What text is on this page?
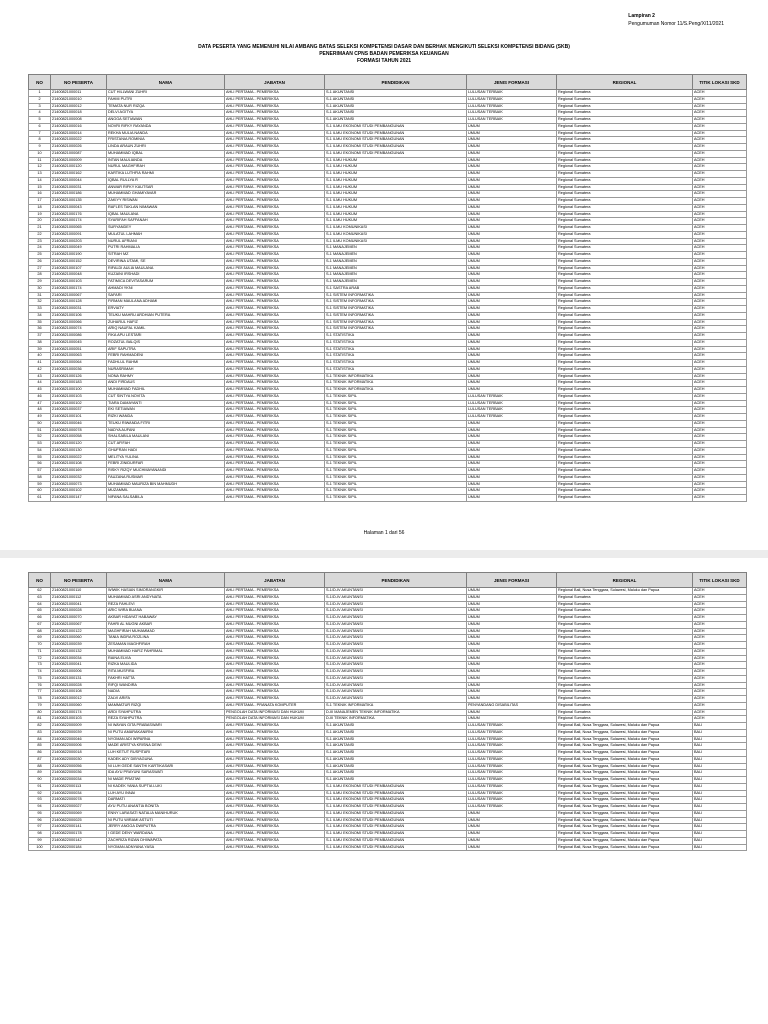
Lampiran 2
Pengumuman Nomor 11/S.Peng/X/11/2021
DATA PESERTA YANG MEMENUHI NILAI AMBANG BATAS SELEKSI KOMPETENSI DASAR DAN BERHAK MENGIKUTI SELEKSI KOMPETENSI BIDANG (SKB)
PENERIMAAN CPNS BADAN PEMERIKSA KEUANGAN
FORMASI TAHUN 2021
NO	NO PESERTA	NAMA	JABATAN	PENDIDIKAN	JENIS FORMASI	REGIONAL	TITIK LOKASI SKD
1	21400821000011	CUT HILLWANI ZUHRI	AHLI PERTAMA - PEMERIKSA	S-1 AKUNTANSI	LULUSAN TERBAIK	Regional Sumatera	ACEH
2	21400821000010	FAHMI PUTRI	AHLI PERTAMA - PEMERIKSA	S-1 AKUNTANSI	LULUSAN TERBAIK	Regional Sumatera	ACEH
3	21400821000012	TEMATA NUR RIZQA	AHLI PERTAMA - PEMERIKSA	S-1 AKUNTANSI	LULUSAN TERBAIK	Regional Sumatera	ACEH
4	21400821000018	DELVI AGITYA	AHLI PERTAMA - PEMERIKSA	S-1 AKUNTANSI	LULUSAN TERBAIK	Regional Sumatera	ACEH
5	21400821000008	ANGGA SETIAWAN	AHLI PERTAMA - PEMERIKSA	S-1 AKUNTANSI	LULUSAN TERBAIK	Regional Sumatera	ACEH
6	21400821000016	NOVRI RIFKY RAYANDA	AHLI PERTAMA - PEMERIKSA	S-1 ILMU EKONOMI STUDI PEMBANGUNAN	UMUM	Regional Sumatera	ACEH
7	21400821000014	REKHA MULIA NANDA	AHLI PERTAMA - PEMERIKSA	S-1 ILMU EKONOMI STUDI PEMBANGUNAN	UMUM	Regional Sumatera	ACEH
8	21400821000022	FRISTANIA ROMINIA	AHLI PERTAMA - PEMERIKSA	S-1 ILMU EKONOMI STUDI PEMBANGUNAN	UMUM	Regional Sumatera	ACEH
9	21400821000026	LINDA ARAUN ZUHRI	AHLI PERTAMA - PEMERIKSA	S-1 ILMU EKONOMI STUDI PEMBANGUNAN	UMUM	Regional Sumatera	ACEH
10	21400821000087	MUHAMMAD IQBAL	AHLI PERTAMA - PEMERIKSA	S-1 ILMU EKONOMI STUDI PEMBANGUNAN	UMUM	Regional Sumatera	ACEH
11	21400821000009	INTAN MAULIANDA	AHLI PERTAMA - PEMERIKSA	S-1 ILMU HUKUM	UMUM	Regional Sumatera	ACEH
12	21400821000120	NURUL MAGHFIRAH	AHLI PERTAMA - PEMERIKSA	S-1 ILMU HUKUM	UMUM	Regional Sumatera	ACEH
13	21400821000162	KARTIKA LUTHFIA RAHMI	AHLI PERTAMA - PEMERIKSA	S-1 ILMU HUKUM	UMUM	Regional Sumatera	ACEH
14	21400821000044	IQBAL RULLYA R	AHLI PERTAMA - PEMERIKSA	S-1 ILMU HUKUM	UMUM	Regional Sumatera	ACEH
15	21400821000031	ANWAR RIFKY KAUTSAR	AHLI PERTAMA - PEMERIKSA	S-1 ILMU HUKUM	UMUM	Regional Sumatera	ACEH
16	21400821000186	MUHAMMAD GHAMIYAVAR	AHLI PERTAMA - PEMERIKSA	S-1 ILMU HUKUM	UMUM	Regional Sumatera	ACEH
17	21400821000135	ZAKIYY RISWAN	AHLI PERTAMA - PEMERIKSA	S-1 ILMU HUKUM	UMUM	Regional Sumatera	ACEH
18	21400821000043	RAFLES TAKLAN NIMAWAN	AHLI PERTAMA - PEMERIKSA	S-1 ILMU HUKUM	UMUM	Regional Sumatera	ACEH
19	21400821000176	IQBAL MAULANA	AHLI PERTAMA - PEMERIKSA	S-1 ILMU HUKUM	UMUM	Regional Sumatera	ACEH
20	21400821000174	SYARIFAH SAFFANAH	AHLI PERTAMA - PEMERIKSA	S-1 ILMU HUKUM	UMUM	Regional Sumatera	ACEH
21	21400821000065	SURYANDEY	AHLI PERTAMA - PEMERIKSA	S-1 ILMU KOMUNIKASI	UMUM	Regional Sumatera	ACEH
22	21400821000091	MULATUL LAHMAH	AHLI PERTAMA - PEMERIKSA	S-1 ILMU KOMUNIKASI	UMUM	Regional Sumatera	ACEH
23	21400821000203	NURUL AFRIANI	AHLI PERTAMA - PEMERIKSA	S-1 ILMU KOMUNIKASI	UMUM	Regional Sumatera	ACEH
24	21400821000049	PUTRI RAHMALIA	AHLI PERTAMA - PEMERIKSA	S-1 MANAJEMEN	UMUM	Regional Sumatera	ACEH
25	21400821000190	SITRAH MZ	AHLI PERTAMA - PEMERIKSA	S-1 MANAJEMEN	UMUM	Regional Sumatera	ACEH
26	21400821000152	DEVIRINA UTAMI, SE	AHLI PERTAMA - PEMERIKSA	S-1 MANAJEMEN	UMUM	Regional Sumatera	ACEH
27	21400821000107	RIFALDI AULIA MAULANA	AHLI PERTAMA - PEMERIKSA	S-1 MANAJEMEN	UMUM	Regional Sumatera	ACEH
28	21400821000048	KUZAINI IRSHADI	AHLI PERTAMA - PEMERIKSA	S-1 MANAJEMEN	UMUM	Regional Sumatera	ACEH
29	21400821000103	FATIMICA DEVITASARUM	AHLI PERTAMA - PEMERIKSA	S-1 MANAJEMEN	UMUM	Regional Sumatera	ACEH
30	21400821000174	AHMADI YKNI	AHLI PERTAMA - PEMERIKSA	S-1 SASTRA ARAB	UMUM	Regional Sumatera	ACEH
31	21400821000067	SAFARI	AHLI PERTAMA - PEMERIKSA	S-1 SISTEM INFORMATIKA	UMUM	Regional Sumatera	ACEH
32	21400821000128	FIRMAN MAULANA ADHAMI	AHLI PERTAMA - PEMERIKSA	S-1 SISTEM INFORMATIKA	UMUM	Regional Sumatera	ACEH
33	21400821000031	ERVIATY	AHLI PERTAMA - PEMERIKSA	S-1 SISTEM INFORMATIKA	UMUM	Regional Sumatera	ACEH
34	21400821000106	TEUKU MAHRU ARDHIAN PUTERA	AHLI PERTAMA - PEMERIKSA	S-1 SISTEM INFORMATIKA	UMUM	Regional Sumatera	ACEH
35	21400821000066	ZUHARUL HAFIZ	AHLI PERTAMA - PEMERIKSA	S-1 SISTEM INFORMATIKA	UMUM	Regional Sumatera	ACEH
36	21400821000074	ARIQ NAUFAL KAMIL	AHLI PERTAMA - PEMERIKSA	S-1 SISTEM INFORMATIKA	UMUM	Regional Sumatera	ACEH
37	21400821000086	FIKA APU LESTARI	AHLI PERTAMA - PEMERIKSA	S-1 STATISTIKA	UMUM	Regional Sumatera	ACEH
38	21400821000045	ROZATUL BALQIS	AHLI PERTAMA - PEMERIKSA	S-1 STATISTIKA	UMUM	Regional Sumatera	ACEH
39	21400821000051	ARIF SAPUTRA	AHLI PERTAMA - PEMERIKSA	S-1 STATISTIKA	UMUM	Regional Sumatera	ACEH
40	21400821000063	FEBRI RAHMADENI	AHLI PERTAMA - PEMERIKSA	S-1 STATISTIKA	UMUM	Regional Sumatera	ACEH
41	21400821000064	FADHLUL RAHMI	AHLI PERTAMA - PEMERIKSA	S-1 STATISTIKA	UMUM	Regional Sumatera	ACEH
42	21400821000036	NURASRIMAH	AHLI PERTAMA - PEMERIKSA	S-1 STATISTIKA	UMUM	Regional Sumatera	ACEH
43	21400821000126	NONA RAHMY	AHLI PERTAMA - PEMERIKSA	S-1 TEKNIK INFORMATIKA	UMUM	Regional Sumatera	ACEH
44	21400821000183	ANDI FIRDAUS	AHLI PERTAMA - PEMERIKSA	S-1 TEKNIK INFORMATIKA	UMUM	Regional Sumatera	ACEH
45	21400821000100	MUHAMMAD FADHIL	AHLI PERTAMA - PEMERIKSA	S-1 TEKNIK INFORMATIKA	UMUM	Regional Sumatera	ACEH
46	21400821000103	CUT SINTYA NOVITA	AHLI PERTAMA - PEMERIKSA	S-1 TEKNIK SIPIL	LULUSAN TERBAIK	Regional Sumatera	ACEH
47	21400821000102	TIARA DAMAYANTI	AHLI PERTAMA - PEMERIKSA	S-1 TEKNIK SIPIL	LULUSAN TERBAIK	Regional Sumatera	ACEH
48	21400821000037	EKI SETIAWAN	AHLI PERTAMA - PEMERIKSA	S-1 TEKNIK SIPIL	LULUSAN TERBAIK	Regional Sumatera	ACEH
49	21400821000101	RIZKI WANDA	AHLI PERTAMA - PEMERIKSA	S-1 TEKNIK SIPIL	LULUSAN TERBAIK	Regional Sumatera	ACEH
50	21400821000046	TEUKU RIWANDA FITRI	AHLI PERTAMA - PEMERIKSA	S-1 TEKNIK SIPIL	UMUM	Regional Sumatera	ACEH
51	21400821000078	NADYA AUFANI	AHLI PERTAMA - PEMERIKSA	S-1 TEKNIK SIPIL	UMUM	Regional Sumatera	ACEH
52	21400821000058	SHALSABILA MAULANI	AHLI PERTAMA - PEMERIKSA	S-1 TEKNIK SIPIL	UMUM	Regional Sumatera	ACEH
53	21400821000120	CUT AFIFAH	AHLI PERTAMA - PEMERIKSA	S-1 TEKNIK SIPIL	UMUM	Regional Sumatera	ACEH
54	21400821000130	GHUFRAN HADI	AHLI PERTAMA - PEMERIKSA	S-1 TEKNIK SIPIL	UMUM	Regional Sumatera	ACEH
55	21400821000022	MELITYA YULINA	AHLI PERTAMA - PEMERIKSA	S-1 TEKNIK SIPIL	UMUM	Regional Sumatera	ACEH
56	21400821000108	FEBRI ZINIDURFAR	AHLI PERTAMA - PEMERIKSA	S-1 TEKNIK SIPIL	UMUM	Regional Sumatera	ACEH
57	21400821000169	RISKY RIZQY MUCHMAYANANDI	AHLI PERTAMA - PEMERIKSA	S-1 TEKNIK SIPIL	UMUM	Regional Sumatera	ACEH
58	21400821000032	FAUZANA RUSMAR	AHLI PERTAMA - PEMERIKSA	S-1 TEKNIK SIPIL	UMUM	Regional Sumatera	ACEH
59	21400821000073	MUHAMMAD MAURIZA BIN MAHMUDH	AHLI PERTAMA - PEMERIKSA	S-1 TEKNIK SIPIL	UMUM	Regional Sumatera	ACEH
60	21400821000102	MUZAMMIL	AHLI PERTAMA - PEMERIKSA	S-1 TEKNIK SIPIL	UMUM	Regional Sumatera	ACEH
61	21400821000147	NIFANA SALSABILA	AHLI PERTAMA - PEMERIKSA	S-1 TEKNIK SIPIL	UMUM	Regional Sumatera	ACEH
Halaman 1 dari 56
NO	NO PESERTA	NAMA	JABATAN	PENDIDIKAN	JENIS FORMASI	REGIONAL	TITIK LOKASI SKD
62	21400821000110	WIWIK HASIAN SIMORANGKIR	AHLI PERTAMA - PEMERIKSA	S-1/D-IV AKUNTANSI	UMUM	Regional Bali, Nusa Tenggara, Sulawesi, Maluku dan Papua	ACEH
63	21400821000112	MUHAMMAD ASRI ANDYNATA	AHLI PERTAMA - PEMERIKSA	S-1/D-IV AKUNTANSI	UMUM	Regional Sumatera	ACEH
64	21400821000041	REZA FAHLEVI	AHLI PERTAMA - PEMERIKSA	S-1/D-IV AKUNTANSI	UMUM	Regional Sumatera	ACEH
65	21400821000028	ARIC WIRA BUANA	AHLI PERTAMA - PEMERIKSA	S-1/D-IV AKUNTANSI	UMUM	Regional Sumatera	ACEH
66	21400821000070	AKBAR HIDAYAT HABAWAY	AHLI PERTAMA - PEMERIKSA	S-1/D-IV AKUNTANSI	UMUM	Regional Sumatera	ACEH
67	21400821000067	FAHRI AL MUGNI AKBAR	AHLI PERTAMA - PEMERIKSA	S-1/D-IV AKUNTANSI	UMUM	Regional Sumatera	ACEH
68	21400821000122	MAGHFIRAH MUHAMMAD	AHLI PERTAMA - PEMERIKSA	S-1/D-IV AKUNTANSI	UMUM	Regional Sumatera	ACEH
69	21400821000060	TANIA INDRA ROZLINA	AHLI PERTAMA - PEMERIKSA	S-1/D-IV AKUNTANSI	UMUM	Regional Sumatera	ACEH
70	21400821000039	ZESAMAN MAGHFIRAH	AHLI PERTAMA - PEMERIKSA	S-1/D-IV AKUNTANSI	UMUM	Regional Sumatera	ACEH
71	21400821000132	MUHAMMAD HAFIZ FAHRIMAL	AHLI PERTAMA - PEMERIKSA	S-1/D-IV AKUNTANSI	UMUM	Regional Sumatera	ACEH
72	21400821000034	RAINA ELVIA	AHLI PERTAMA - PEMERIKSA	S-1/D-IV AKUNTANSI	UMUM	Regional Sumatera	ACEH
73	21400821000041	RIZKA MAULIDA	AHLI PERTAMA - PEMERIKSA	S-1/D-IV AKUNTANSI	UMUM	Regional Sumatera	ACEH
74	21400821000006	RITA MUSFIRA	AHLI PERTAMA - PEMERIKSA	S-1/D-IV AKUNTANSI	UMUM	Regional Sumatera	ACEH
75	21400821000131	FAKHRI HATTA	AHLI PERTAMA - PEMERIKSA	S-1/D-IV AKUNTANSI	UMUM	Regional Sumatera	ACEH
76	21400821000028	RIFQI WANDIRA	AHLI PERTAMA - PEMERIKSA	S-1/D-IV AKUNTANSI	UMUM	Regional Sumatera	ACEH
77	21400821000108	NADIA	AHLI PERTAMA - PEMERIKSA	S-1/D-IV AKUNTANSI	UMUM	Regional Sumatera	ACEH
78	21400821000012	ZALVI ARIFA	AHLI PERTAMA - PEMERIKSA	S-1/D-IV AKUNTANSI	UMUM	Regional Sumatera	ACEH
79	21400821000060	MAMMATUR RIZQI	AHLI PERTAMA - PRANATA KOMPUTER	S-1 TEKNIK INFORMATIKA	PENYANDANG DISABILITAS	Regional Sumatera	ACEH
80	21400821000174	ARDI SYAHPUTRA	PENGOLAH DATA INFORMASI DAN HUKUM	D-III MANAJEMEN TEKNIK INFORMATIKA	UMUM	Regional Sumatera	ACEH
81	21400821000103	REZA SYAHPUTRA	PENGOLAH DATA INFORMASI DAN HUKUM	D-III TEKNIK INFORMATIKA	UMUM	Regional Sumatera	ACEH
82	21400822000009	NI WAYAN GITA PRABASWARI	AHLI PERTAMA - PEMERIKSA	S-1 AKUNTANSI	LULUSAN TERBAIK	Regional Bali, Nusa Tenggara, Sulawesi, Maluku dan Papua	BALI
83	21400822000039	NI PUTU AMARAKANIRNI	AHLI PERTAMA - PEMERIKSA	S-1 AKUNTANSI	LULUSAN TERBAIK	Regional Bali, Nusa Tenggara, Sulawesi, Maluku dan Papua	BALI
84	21400822000046	NYOMAN ADI WIPARNA	AHLI PERTAMA - PEMERIKSA	S-1 AKUNTANSI	LULUSAN TERBAIK	Regional Bali, Nusa Tenggara, Sulawesi, Maluku dan Papua	BALI
85	21400822000006	MADE ARISTYA KRISNA DEWI	AHLI PERTAMA - PEMERIKSA	S-1 AKUNTANSI	LULUSAN TERBAIK	Regional Bali, Nusa Tenggara, Sulawesi, Maluku dan Papua	BALI
86	21400822000018	LUH KETUT RUSPITARI	AHLI PERTAMA - PEMERIKSA	S-1 AKUNTANSI	LULUSAN TERBAIK	Regional Bali, Nusa Tenggara, Sulawesi, Maluku dan Papua	BALI
87	21400822000030	KADEK ADY DIBYAGUNA	AHLI PERTAMA - PEMERIKSA	S-1 AKUNTANSI	LULUSAN TERBAIK	Regional Bali, Nusa Tenggara, Sulawesi, Maluku dan Papua	BALI
88	21400822000056	NI LUH GEDE SANTHI KARTIKASARI	AHLI PERTAMA - PEMERIKSA	S-1 AKUNTANSI	LULUSAN TERBAIK	Regional Bali, Nusa Tenggara, Sulawesi, Maluku dan Papua	BALI
89	21400822000036	IDA AYU PRAYUNI SARASWATI	AHLI PERTAMA - PEMERIKSA	S-1 AKUNTANSI	LULUSAN TERBAIK	Regional Bali, Nusa Tenggara, Sulawesi, Maluku dan Papua	BALI
90	21400822000034	NI MADE PRATIWI	AHLI PERTAMA - PEMERIKSA	S-1 AKUNTANSI	LULUSAN TERBAIK	Regional Bali, Nusa Tenggara, Sulawesi, Maluku dan Papua	BALI
91	21400822000113	NI KADEK YANIA SUPTIA LUKI	AHLI PERTAMA - PEMERIKSA	S-1 ILMU EKONOMI STUDI PEMBANGUNAN	LULUSAN TERBAIK	Regional Bali, Nusa Tenggara, Sulawesi, Maluku dan Papua	BALI
92	21400822000034	LUH AYU INNAI	AHLI PERTAMA - PEMERIKSA	S-1 ILMU EKONOMI STUDI PEMBANGUNAN	LULUSAN TERBAIK	Regional Bali, Nusa Tenggara, Sulawesi, Maluku dan Papua	BALI
93	21400822000078	DARMATI	AHLI PERTAMA - PEMERIKSA	S-1 ILMU EKONOMI STUDI PEMBANGUNAN	LULUSAN TERBAIK	Regional Bali, Nusa Tenggara, Sulawesi, Maluku dan Papua	BALI
94	21400822000027	AYU PUTU ANANTIA BONITA	AHLI PERTAMA - PEMERIKSA	S-1 ILMU EKONOMI STUDI PEMBANGUNAN	LULUSAN TERBAIK	Regional Bali, Nusa Tenggara, Sulawesi, Maluku dan Papua	BALI
95	21400822000069	ENNY LARASATI NATALIA MANIHURUK	AHLI PERTAMA - PEMERIKSA	S-1 ILMU EKONOMI STUDI PEMBANGUNAN	UMUM	Regional Bali, Nusa Tenggara, Sulawesi, Maluku dan Papua	BALI
96	21400822000025	NI PUTU WIRAMI ASTUTI	AHLI PERTAMA - PEMERIKSA	S-1 ILMU EKONOMI STUDI PEMBANGUNAN	UMUM	Regional Bali, Nusa Tenggara, Sulawesi, Maluku dan Papua	BALI
97	21400822000141	JERRY ANGGA DWIPUTRA	AHLI PERTAMA - PEMERIKSA	S-1 ILMU EKONOMI STUDI PEMBANGUNAN	UMUM	Regional Bali, Nusa Tenggara, Sulawesi, Maluku dan Papua	BALI
98	21400822000178	I GEDE DENY WARDANA	AHLI PERTAMA - PEMERIKSA	S-1 ILMU EKONOMI STUDI PEMBANGUNAN	UMUM	Regional Bali, Nusa Tenggara, Sulawesi, Maluku dan Papua	BALI
99	21400822000142	ZACHRIZA RIZAN DHIWAPATA	AHLI PERTAMA - PEMERIKSA	S-1 ILMU EKONOMI STUDI PEMBANGUNAN	UMUM	Regional Bali, Nusa Tenggara, Sulawesi, Maluku dan Papua	BALI
100	21400822000184	NYOMAN ADNYANA YASA	AHLI PERTAMA - PEMERIKSA	S-1 ILMU EKONOMI STUDI PEMBANGUNAN	UMUM	Regional Bali, Nusa Tenggara, Sulawesi, Maluku dan Papua	BALI
